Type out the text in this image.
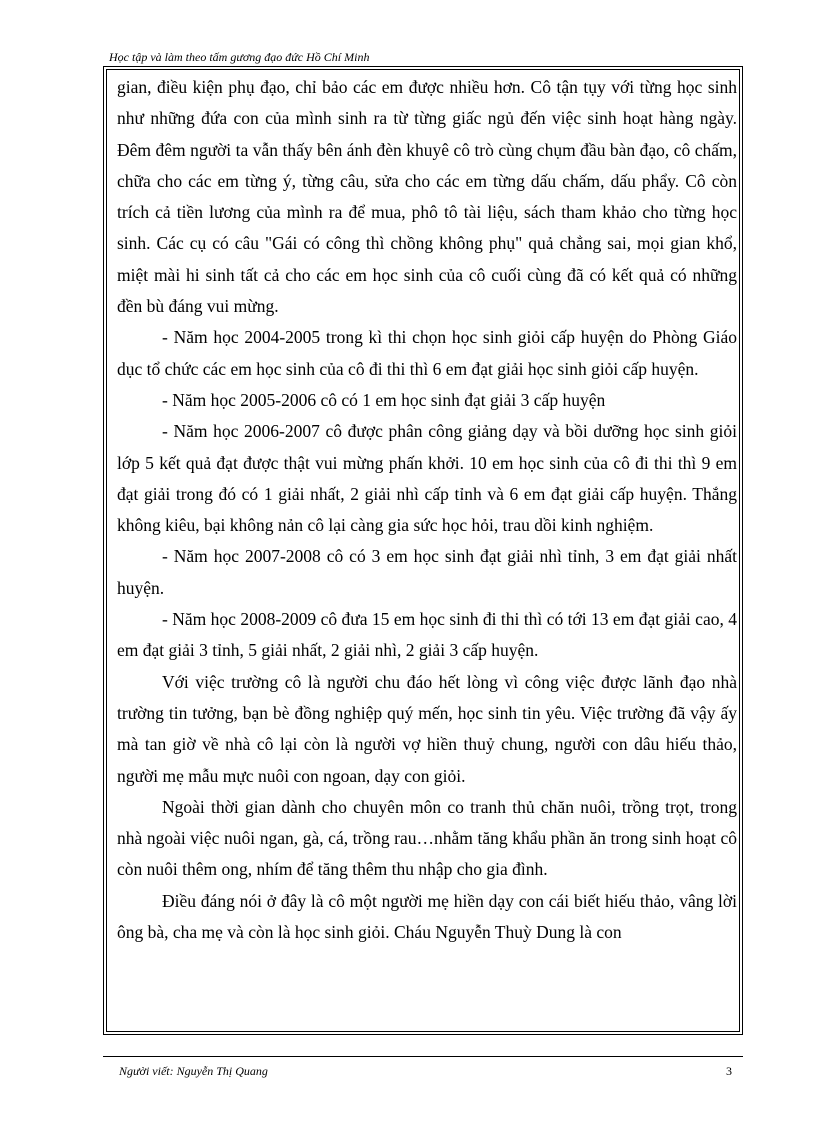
Học tập và làm theo tấm gương đạo đức Hồ Chí Minh

gian, điều kiện phụ đạo, chỉ bảo các em được nhiều hơn. Cô tận tụy với từng học sinh như những đứa con của mình sinh ra từ từng giấc ngủ đến việc sinh hoạt hàng ngày. Đêm đêm người ta vẫn thấy bên ánh đèn khuyê cô trò cùng chụm đầu bàn đạo, cô chấm, chữa cho các em từng ý, từng câu, sửa cho các em từng dấu chấm, dấu phẩy. Cô còn trích cả tiền lương của mình ra để mua, phô tô tài liệu, sách tham khảo cho từng học sinh. Các cụ có câu "Gái có công thì chồng không phụ" quả chẳng sai, mọi gian khổ, miệt mài hi sinh tất cả cho các em học sinh của cô cuối cùng đã có kết quả có những đền bù đáng vui mừng.

- Năm học 2004-2005 trong kì thi chọn học sinh giỏi cấp huyện do Phòng Giáo dục tổ chức các em học sinh của cô đi thi thì 6 em đạt giải học sinh giỏi cấp huyện.

- Năm học 2005-2006 cô có 1 em học sinh đạt giải 3 cấp huyện

- Năm học 2006-2007 cô được phân công giảng dạy và bồi dưỡng học sinh giỏi lớp 5 kết quả đạt được thật vui mừng phấn khởi. 10 em học sinh của cô đi thi thì 9 em đạt giải trong đó có 1 giải nhất, 2 giải nhì cấp tỉnh và 6 em đạt giải cấp huyện. Thắng không kiêu, bại không nản cô lại càng gia sức học hỏi, trau dồi kinh nghiệm.

- Năm học 2007-2008 cô có 3 em học sinh đạt giải nhì tỉnh, 3 em đạt giải nhất huyện.

- Năm học 2008-2009 cô đưa 15 em học sinh đi thi thì có tới 13 em đạt giải cao, 4 em đạt giải 3 tỉnh, 5 giải nhất, 2 giải nhì, 2 giải 3 cấp huyện.

Với việc trường cô là người chu đáo hết lòng vì công việc được lãnh đạo nhà trường tin tưởng, bạn bè đồng nghiệp quý mến, học sinh tin yêu. Việc trường đã vậy ấy mà tan giờ về nhà cô lại còn là người vợ hiền thuỷ chung, người con dâu hiếu thảo, người mẹ mẫu mực nuôi con ngoan, dạy con giỏi.

Ngoài thời gian dành cho chuyên môn co tranh thủ chăn nuôi, trồng trọt, trong nhà ngoài việc nuôi ngan, gà, cá, trồng rau…nhằm tăng khẩu phần ăn trong sinh hoạt cô còn nuôi thêm ong, nhím để tăng thêm thu nhập cho gia đình.

Điều đáng nói ở đây là cô một người mẹ hiền dạy con cái biết hiếu thảo, vâng lời ông bà, cha mẹ và còn là học sinh giỏi. Cháu Nguyễn Thuỳ Dung là con

Người viết: Nguyễn Thị Quang	3
